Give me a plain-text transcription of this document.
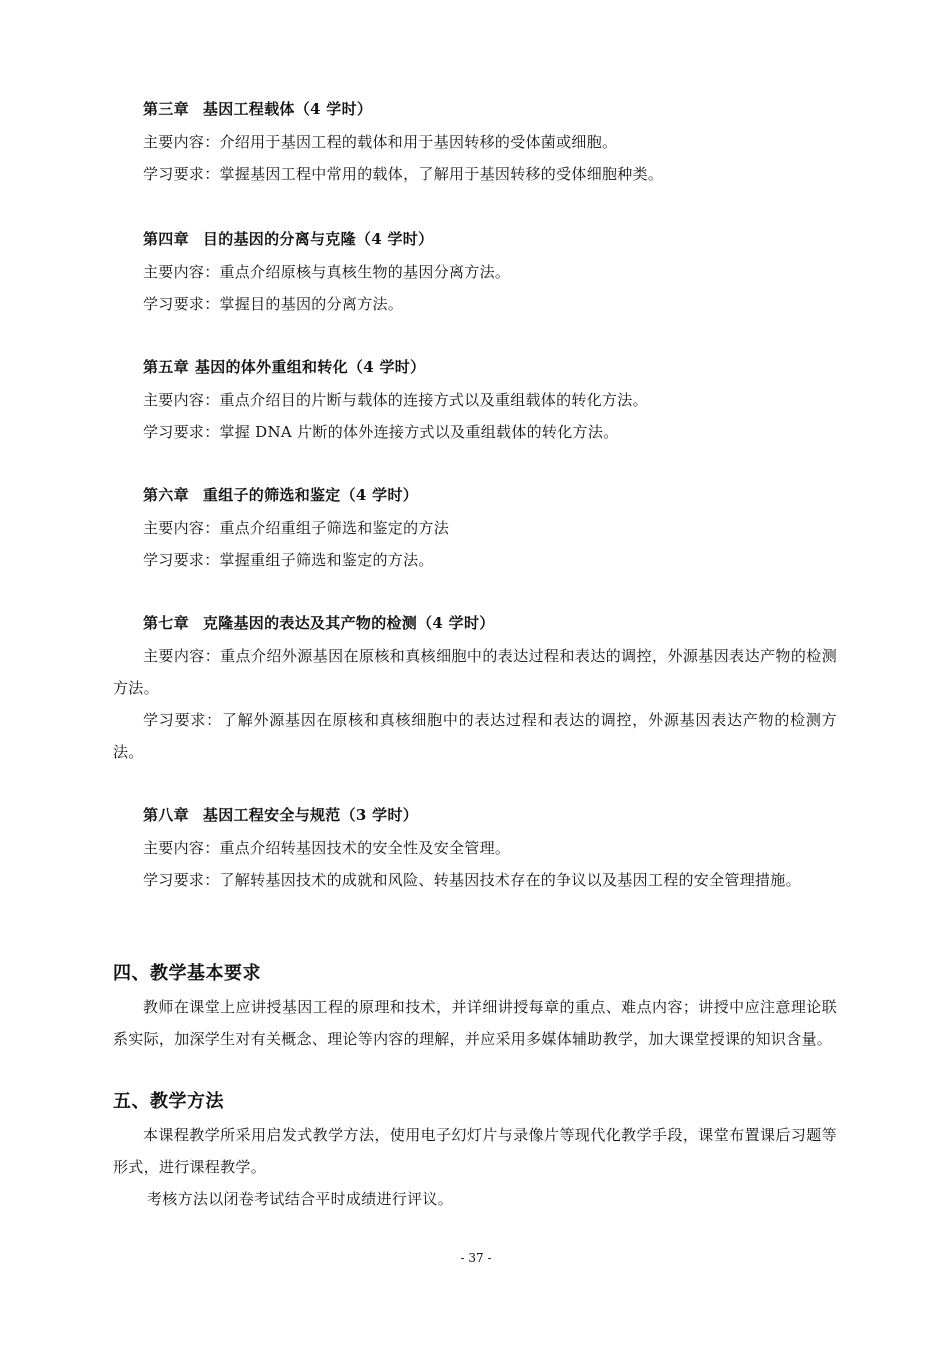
第三章 基因工程载体（4 学时）

主要内容：介绍用于基因工程的载体和用于基因转移的受体菌或细胞。

学习要求：掌握基因工程中常用的载体，了解用于基因转移的受体细胞种类。

第四章 目的基因的分离与克隆（4 学时）

主要内容：重点介绍原核与真核生物的基因分离方法。

学习要求：掌握目的基因的分离方法。

第五章 基因的体外重组和转化（4 学时）

主要内容：重点介绍目的片断与载体的连接方式以及重组载体的转化方法。

学习要求：掌握 DNA 片断的体外连接方式以及重组载体的转化方法。

第六章 重组子的筛选和鉴定（4 学时）

主要内容：重点介绍重组子筛选和鉴定的方法

学习要求：掌握重组子筛选和鉴定的方法。

第七章 克隆基因的表达及其产物的检测（4 学时）

主要内容：重点介绍外源基因在原核和真核细胞中的表达过程和表达的调控，外源基因表达产物的检测方法。

学习要求：了解外源基因在原核和真核细胞中的表达过程和表达的调控，外源基因表达产物的检测方法。

第八章 基因工程安全与规范（3 学时）

主要内容：重点介绍转基因技术的安全性及安全管理。

学习要求：了解转基因技术的成就和风险、转基因技术存在的争议以及基因工程的安全管理措施。

四、教学基本要求

教师在课堂上应讲授基因工程的原理和技术，并详细讲授每章的重点、难点内容；讲授中应注意理论联系实际，加深学生对有关概念、理论等内容的理解，并应采用多媒体辅助教学，加大课堂授课的知识含量。

五、教学方法

本课程教学所采用启发式教学方法，使用电子幻灯片与录像片等现代化教学手段，课堂布置课后习题等形式，进行课程教学。

考核方法以闭卷考试结合平时成绩进行评议。

- 37 -
